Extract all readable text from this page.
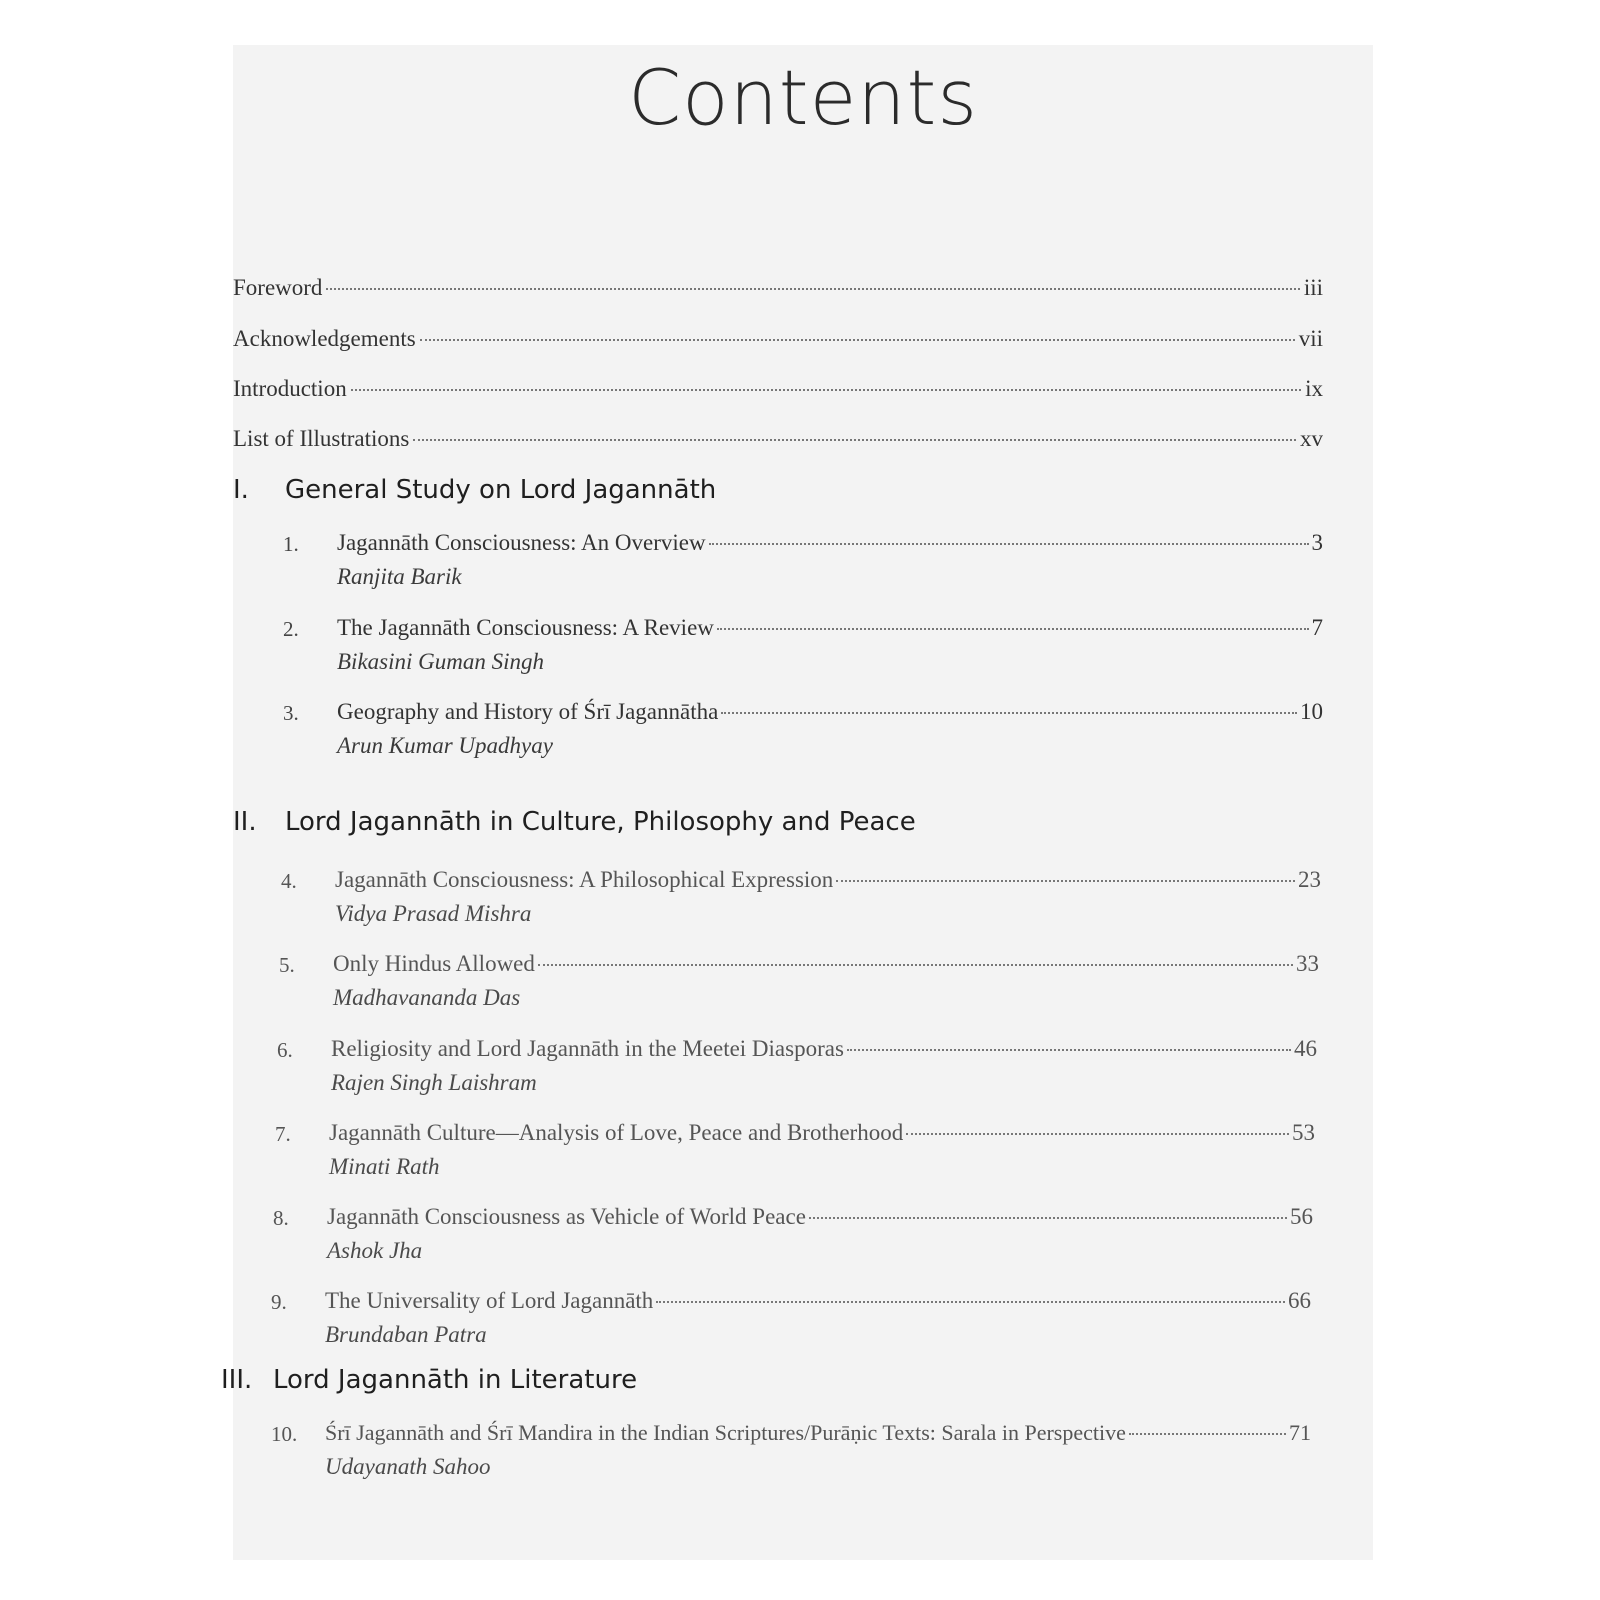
Contents
Foreword	iii
Acknowledgements	vii
Introduction	ix
List of Illustrations	xv
I. General Study on Lord Jagannāth
1. Jagannāth Consciousness: An Overview	3
Ranjita Barik
2. The Jagannāth Consciousness: A Review	7
Bikasini Guman Singh
3. Geography and History of Śrī Jagannātha	10
Arun Kumar Upadhyay
II. Lord Jagannāth in Culture, Philosophy and Peace
4. Jagannāth Consciousness: A Philosophical Expression	23
Vidya Prasad Mishra
5. Only Hindus Allowed	33
Madhavananda Das
6. Religiosity and Lord Jagannāth in the Meetei Diasporas	46
Rajen Singh Laishram
7. Jagannāth Culture—Analysis of Love, Peace and Brotherhood	53
Minati Rath
8. Jagannāth Consciousness as Vehicle of World Peace	56
Ashok Jha
9. The Universality of Lord Jagannāth	66
Brundaban Patra
III. Lord Jagannāth in Literature
10. Śrī Jagannāth and Śrī Mandira in the Indian Scriptures/Purāṇic Texts: Sarala in Perspective	71
Udayanath Sahoo
